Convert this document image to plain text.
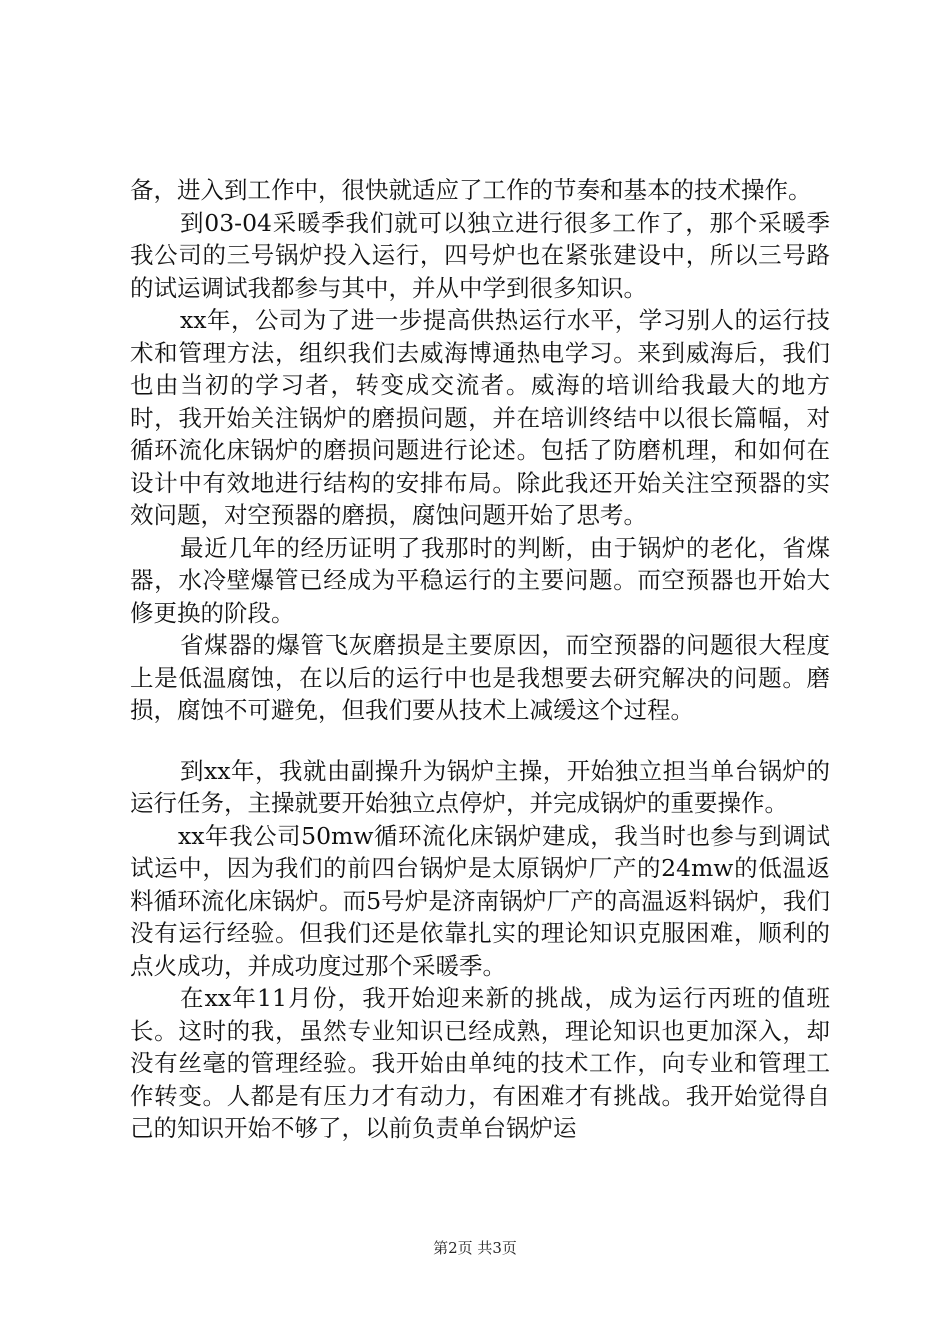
备，进入到工作中，很快就适应了工作的节奏和基本的技术操作。

到03-04采暖季我们就可以独立进行很多工作了，那个采暖季我公司的三号锅炉投入运行，四号炉也在紧张建设中，所以三号路的试运调试我都参与其中，并从中学到很多知识。

xx年，公司为了进一步提高供热运行水平，学习别人的运行技术和管理方法，组织我们去威海博通热电学习。来到威海后，我们也由当初的学习者，转变成交流者。威海的培训给我最大的地方时，我开始关注锅炉的磨损问题，并在培训终结中以很长篇幅，对循环流化床锅炉的磨损问题进行论述。包括了防磨机理，和如何在设计中有效地进行结构的安排布局。除此我还开始关注空预器的实效问题，对空预器的磨损，腐蚀问题开始了思考。

最近几年的经历证明了我那时的判断，由于锅炉的老化，省煤器，水冷壁爆管已经成为平稳运行的主要问题。而空预器也开始大修更换的阶段。

省煤器的爆管飞灰磨损是主要原因，而空预器的问题很大程度上是低温腐蚀，在以后的运行中也是我想要去研究解决的问题。磨损，腐蚀不可避免，但我们要从技术上减缓这个过程。

到xx年，我就由副操升为锅炉主操，开始独立担当单台锅炉的运行任务，主操就要开始独立点停炉，并完成锅炉的重要操作。

xx年我公司50mw循环流化床锅炉建成，我当时也参与到调试试运中，因为我们的前四台锅炉是太原锅炉厂产的24mw的低温返料循环流化床锅炉。而5号炉是济南锅炉厂产的高温返料锅炉，我们没有运行经验。但我们还是依靠扎实的理论知识克服困难，顺利的点火成功，并成功度过那个采暖季。

在xx年11月份，我开始迎来新的挑战，成为运行丙班的值班长。这时的我，虽然专业知识已经成熟，理论知识也更加深入，却没有丝毫的管理经验。我开始由单纯的技术工作，向专业和管理工作转变。人都是有压力才有动力，有困难才有挑战。我开始觉得自己的知识开始不够了，以前负责单台锅炉运

第2页 共3页
